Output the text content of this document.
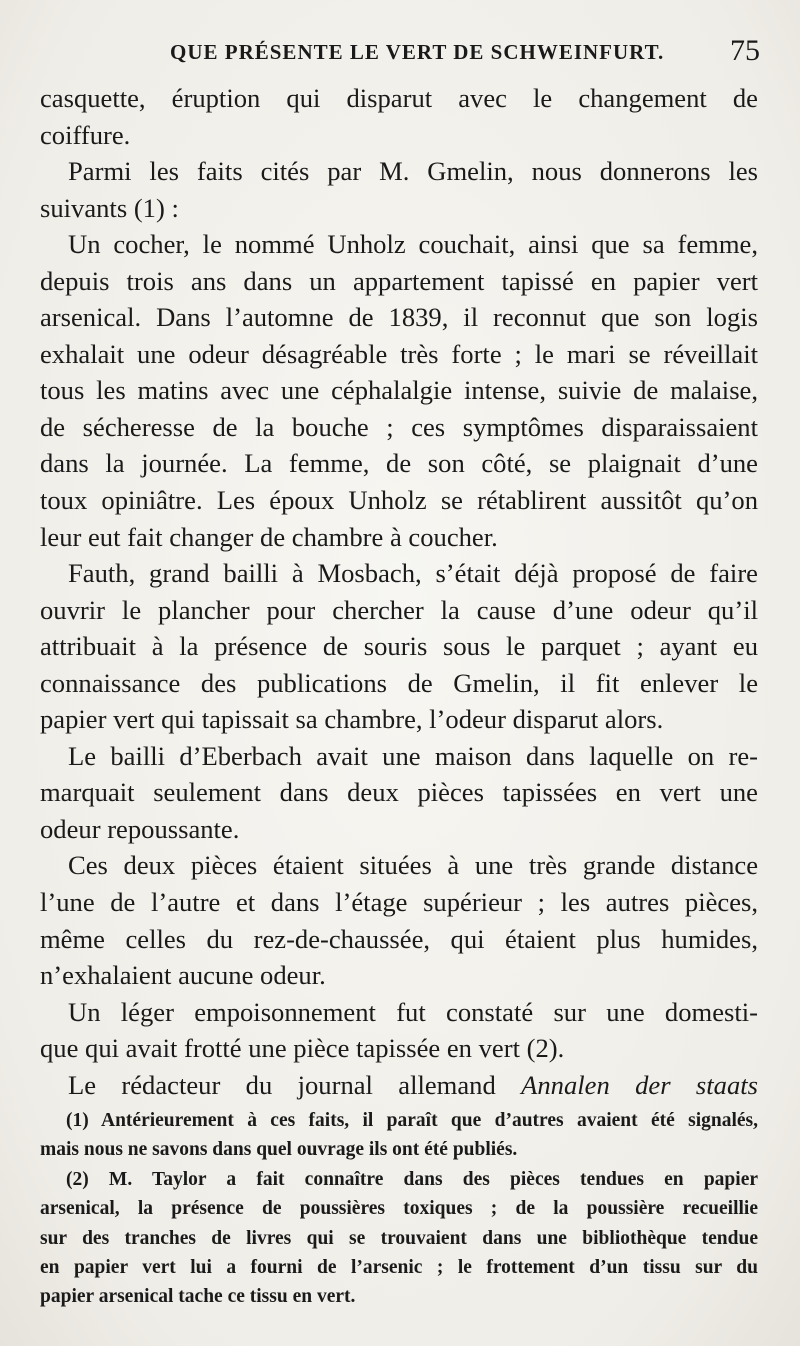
QUE PRÉSENTE LE VERT DE SCHWEINFURT. 75
casquette, éruption qui disparut avec le changement de
coiffure.
Parmi les faits cités par M. Gmelin, nous donnerons les
suivants (1) :
Un cocher, le nommé Unholz couchait, ainsi que sa femme,
depuis trois ans dans un appartement tapissé en papier vert
arsenical. Dans l’automne de 1839, il reconnut que son logis
exhalait une odeur désagréable très forte ; le mari se réveillait
tous les matins avec une céphalalgie intense, suivie de malaise,
de sécheresse de la bouche ; ces symptômes disparaissaient
dans la journée. La femme, de son côté, se plaignait d’une
toux opiniâtre. Les époux Unholz se rétablirent aussitôt qu’on
leur eut fait changer de chambre à coucher.
Fauth, grand bailli à Mosbach, s’était déjà proposé de faire
ouvrir le plancher pour chercher la cause d’une odeur qu’il
attribuait à la présence de souris sous le parquet ; ayant eu
connaissance des publications de Gmelin, il fit enlever le
papier vert qui tapissait sa chambre, l’odeur disparut alors.
Le bailli d’Eberbach avait une maison dans laquelle on re-
marquait seulement dans deux pièces tapissées en vert une
odeur repoussante.
Ces deux pièces étaient situées à une très grande distance
l’une de l’autre et dans l’étage supérieur ; les autres pièces,
même celles du rez-de-chaussée, qui étaient plus humides,
n’exhalaient aucune odeur.
Un léger empoisonnement fut constaté sur une domesti-
que qui avait frotté une pièce tapissée en vert (2).
Le rédacteur du journal allemand Annalen der staats
(1) Antérieurement à ces faits, il paraît que d’autres avaient été signalés,
mais nous ne savons dans quel ouvrage ils ont été publiés.
(2) M. Taylor a fait connaître dans des pièces tendues en papier
arsenical, la présence de poussières toxiques ; de la poussière recueillie
sur des tranches de livres qui se trouvaient dans une bibliothèque tendue
en papier vert lui a fourni de l’arsenic ; le frottement d’un tissu sur du
papier arsenical tache ce tissu en vert.
